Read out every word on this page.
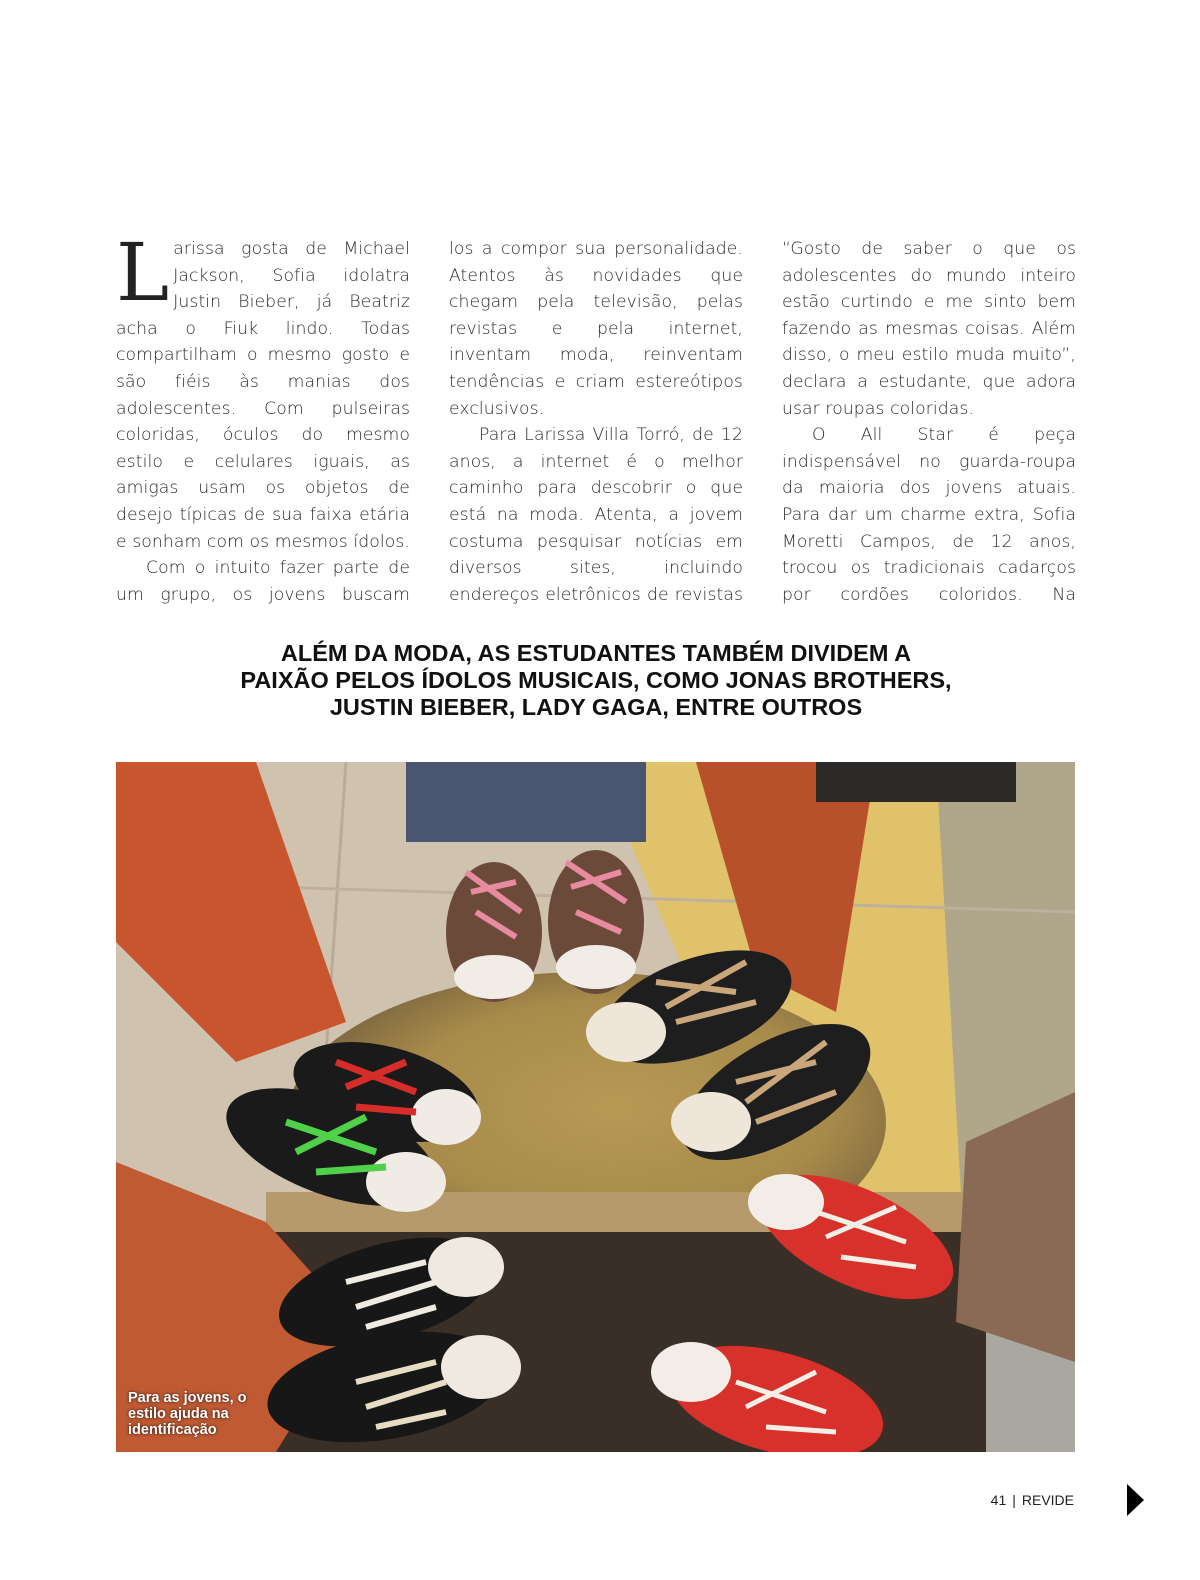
Larissa gosta de Michael Jackson, Sofia idolatra Justin Bieber, já Beatriz acha o Fiuk lindo. Todas compartilham o mesmo gosto e são fiéis às manias dos adolescentes. Com pulseiras coloridas, óculos do mesmo estilo e celulares iguais, as amigas usam os objetos de desejo típicas de sua faixa etária e sonham com os mesmos ídolos.

Com o intuito fazer parte de um grupo, os jovens buscam

los a compor sua personalidade. Atentos às novidades que chegam pela televisão, pelas revistas e pela internet, inventam moda, reinventam tendências e criam estereótipos exclusivos.

Para Larissa Villa Torró, de 12 anos, a internet é o melhor caminho para descobrir o que está na moda. Atenta, a jovem costuma pesquisar notícias em diversos sites, incluindo endereços eletrônicos de revistas

“Gosto de saber o que os adolescentes do mundo inteiro estão curtindo e me sinto bem fazendo as mesmas coisas. Além disso, o meu estilo muda muito”, declara a estudante, que adora usar roupas coloridas.

O All Star é peça indispensável no guarda-roupa da maioria dos jovens atuais. Para dar um charme extra, Sofia Moretti Campos, de 12 anos, trocou os tradicionais cadarços por cordões coloridos. Na

ALÉM DA MODA, AS ESTUDANTES TAMBÉM DIVIDEM A
PAIXÃO PELOS ÍDOLOS MUSICAIS, COMO JONAS BROTHERS,
JUSTIN BIEBER, LADY GAGA, ENTRE OUTROS
Para as jovens, o estilo ajuda na identificação
41 | REVIDE
